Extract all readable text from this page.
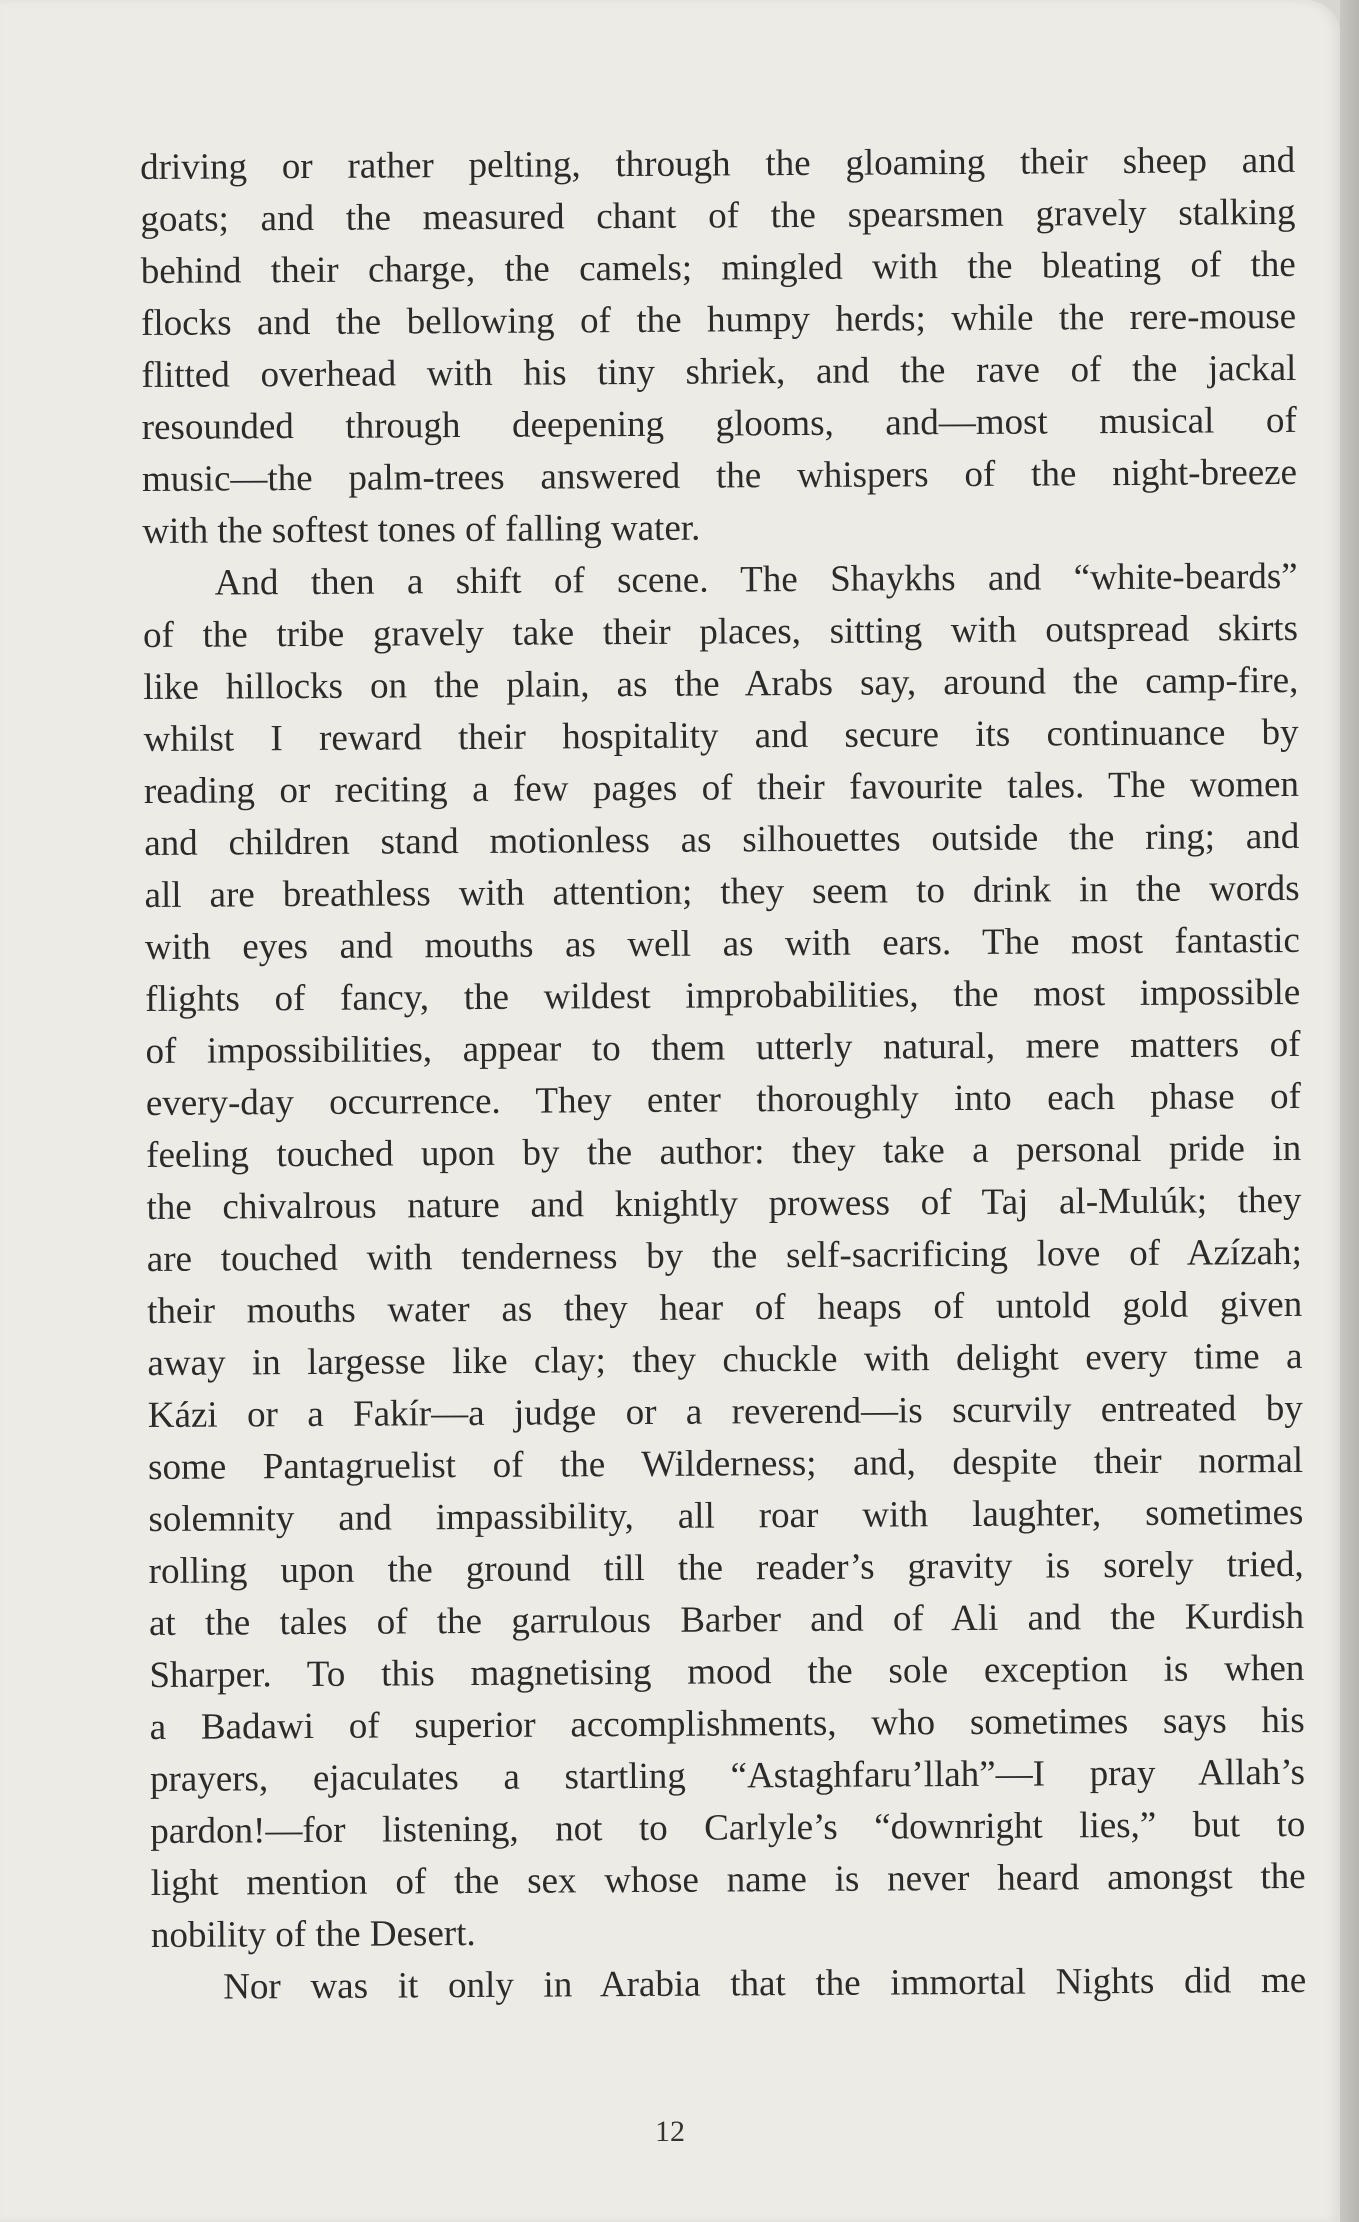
driving or rather pelting, through the gloaming their sheep and
goats; and the measured chant of the spearsmen gravely stalking
behind their charge, the camels; mingled with the bleating of the
flocks and the bellowing of the humpy herds; while the rere-mouse
flitted overhead with his tiny shriek, and the rave of the jackal
resounded through deepening glooms, and—most musical of
music—the palm-trees answered the whispers of the night-breeze
with the softest tones of falling water.

And then a shift of scene. The Shaykhs and “white-beards”
of the tribe gravely take their places, sitting with outspread skirts
like hillocks on the plain, as the Arabs say, around the camp-fire,
whilst I reward their hospitality and secure its continuance by
reading or reciting a few pages of their favourite tales. The women
and children stand motionless as silhouettes outside the ring; and
all are breathless with attention; they seem to drink in the words
with eyes and mouths as well as with ears. The most fantastic
flights of fancy, the wildest improbabilities, the most impossible
of impossibilities, appear to them utterly natural, mere matters of
every-day occurrence. They enter thoroughly into each phase of
feeling touched upon by the author: they take a personal pride in
the chivalrous nature and knightly prowess of Taj al-Mulúk; they
are touched with tenderness by the self-sacrificing love of Azízah;
their mouths water as they hear of heaps of untold gold given
away in largesse like clay; they chuckle with delight every time a
Kázi or a Fakír—a judge or a reverend—is scurvily entreated by
some Pantagruelist of the Wilderness; and, despite their normal
solemnity and impassibility, all roar with laughter, sometimes
rolling upon the ground till the reader’s gravity is sorely tried,
at the tales of the garrulous Barber and of Ali and the Kurdish
Sharper. To this magnetising mood the sole exception is when
a Badawi of superior accomplishments, who sometimes says his
prayers, ejaculates a startling “Astaghfaru’llah”—I pray Allah’s
pardon!—for listening, not to Carlyle’s “downright lies,” but to
light mention of the sex whose name is never heard amongst the
nobility of the Desert.

Nor was it only in Arabia that the immortal Nights did me

12
